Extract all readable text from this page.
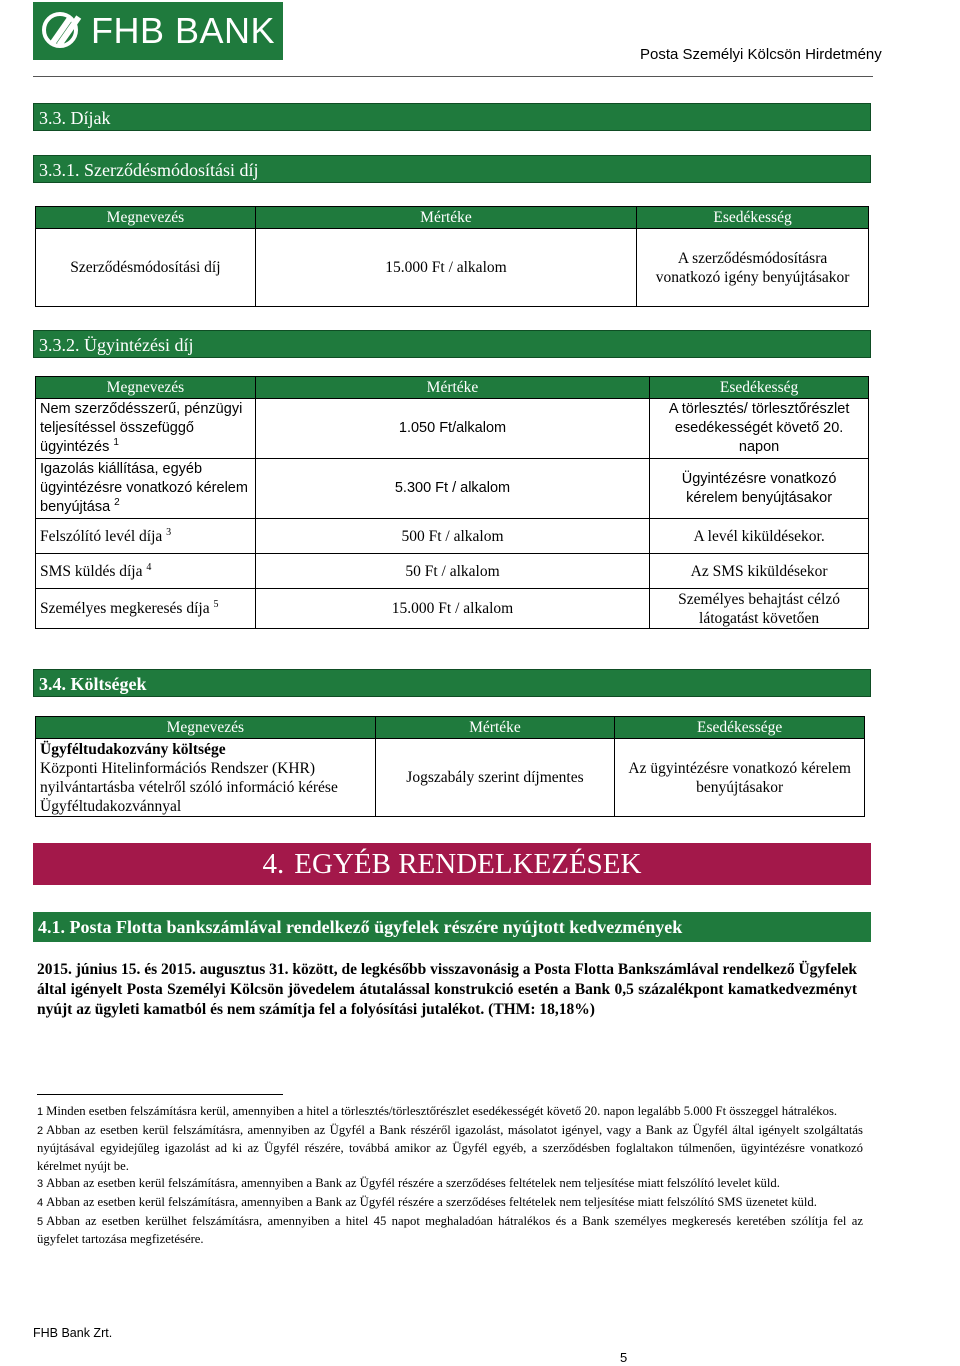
FHB BANK
Posta Személyi Kölcsön Hirdetmény
3.3. Díjak
3.3.1. Szerződésmódosítási díj
Megnevezés	Mértéke	Esedékesség
Szerződésmódosítási díj	15.000 Ft / alkalom	A szerződésmódosításra vonatkozó igény benyújtásakor
3.3.2. Ügyintézési díj
Megnevezés	Mértéke	Esedékesség
Nem szerződésszerű, pénzügyi teljesítéssel összefüggő ügyintézés $^1$	1.050 Ft/alkalom	A törlesztés/ törlesztőrészlet esedékességét követő 20. napon
Igazolás kiállítása, egyéb ügyintézésre vonatkozó kérelem benyújtása $^2$	5.300 Ft / alkalom	Ügyintézésre vonatkozó kérelem benyújtásakor
Felszólító levél díja $^3$	500 Ft / alkalom	A levél kiküldésekor.
SMS küldés díja $^4$	50 Ft / alkalom	Az SMS kiküldésekor
Személyes megkeresés díja $^5$	15.000 Ft / alkalom	Személyes behajtást célzó látogatást követően
3.4. Költségek
Megnevezés	Mértéke	Esedékessége

Ügyféltudakozvány költsége
Központi Hitelinformációs Rendszer (KHR) nyilvántartásba vételről szóló információ kérése Ügyféltudakozvánnyal	Jogszabály szerint díjmentes	Az ügyintézésre vonatkozó kérelem benyújtásakor
4. EGYÉB RENDELKEZÉSEK
4.1. Posta Flotta bankszámlával rendelkező ügyfelek részére nyújtott kedvezmények
2015. június 15. és 2015. augusztus 31. között, de legkésőbb visszavonásig a Posta Flotta Bankszámlával rendelkező Ügyfelek által igényelt Posta Személyi Kölcsön jövedelem átutalással konstrukció esetén a Bank 0,5 százalékpont kamatkedvezményt nyújt az ügyleti kamatból és nem számítja fel a folyósítási jutalékot. (THM: 18,18%)

1 Minden esetben felszámításra kerül, amennyiben a hitel a törlesztés/törlesztőrészlet esedékességét követő 20. napon legalább 5.000 Ft összeggel hátralékos.

2 Abban az esetben kerül felszámításra, amennyiben az Ügyfél a Bank részéről igazolást, másolatot igényel, vagy a Bank az Ügyfél által igényelt szolgáltatás nyújtásával egyidejűleg igazolást ad ki az Ügyfél részére, továbbá amikor az Ügyfél egyéb, a szerződésben foglaltakon túlmenően, ügyintézésre vonatkozó kérelmet nyújt be.

3 Abban az esetben kerül felszámításra, amennyiben a Bank az Ügyfél részére a szerződéses feltételek nem teljesítése miatt felszólító levelet küld.

4 Abban az esetben kerül felszámításra, amennyiben a Bank az Ügyfél részére a szerződéses feltételek nem teljesítése miatt felszólító SMS üzenetet küld.

5 Abban az esetben kerülhet felszámításra, amennyiben a hitel 45 napot meghaladóan hátralékos és a Bank személyes megkeresés keretében szólítja fel az ügyfelet tartozása megfizetésére.

FHB Bank Zrt.
5
